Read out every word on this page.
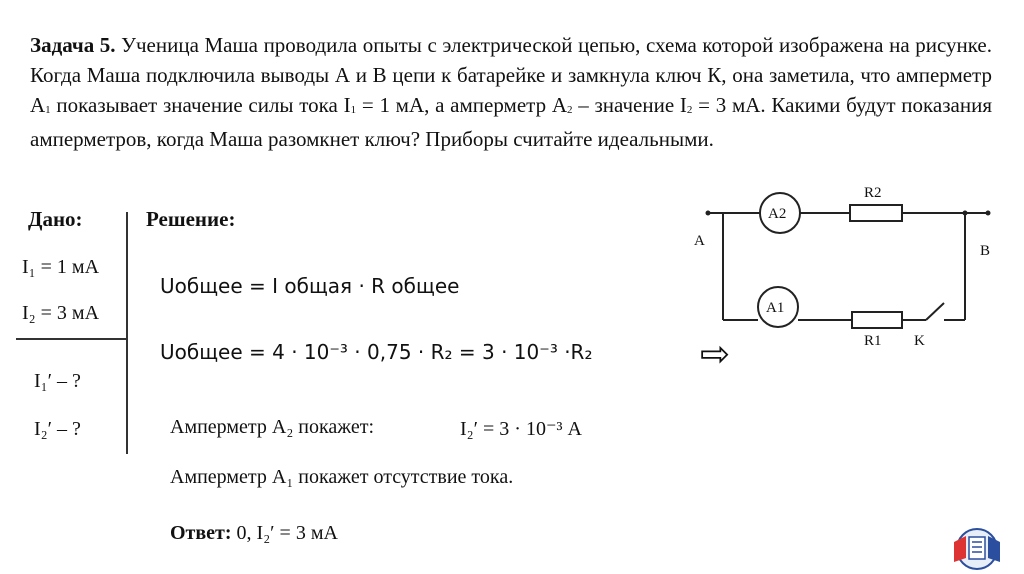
Задача 5. Ученица Маша проводила опыты с электрической цепью, схема которой изображена на рисунке. Когда Маша подключила выводы А и В цепи к батарейке и замкнула ключ К, она заметила, что амперметр $А_1$ показывает значение силы тока $I_1 = 1$ мА, а амперметр $А_2$ – значение $I_2 = 3$ мА. Какими будут показания амперметров, когда Маша разомкнет ключ? Приборы считайте идеальными.
Дано:
I₁ = 1 мА
I₂ = 3 мА
I₁′ – ?
I₂′ – ?
Решение:
Uобщее = I общая · R общее
Uобщее = 4 · 10⁻³ · 0,75 · R₂ = 3 · 10⁻³ ·R₂	⇨
Амперметр А₂ покажет:	I₂′ = 3 · 10⁻³ А
Амперметр А₁ покажет отсутствие тока.
Ответ: 0, I₂′ = 3 мА
A
B
R2
R1 K
A2
A1
